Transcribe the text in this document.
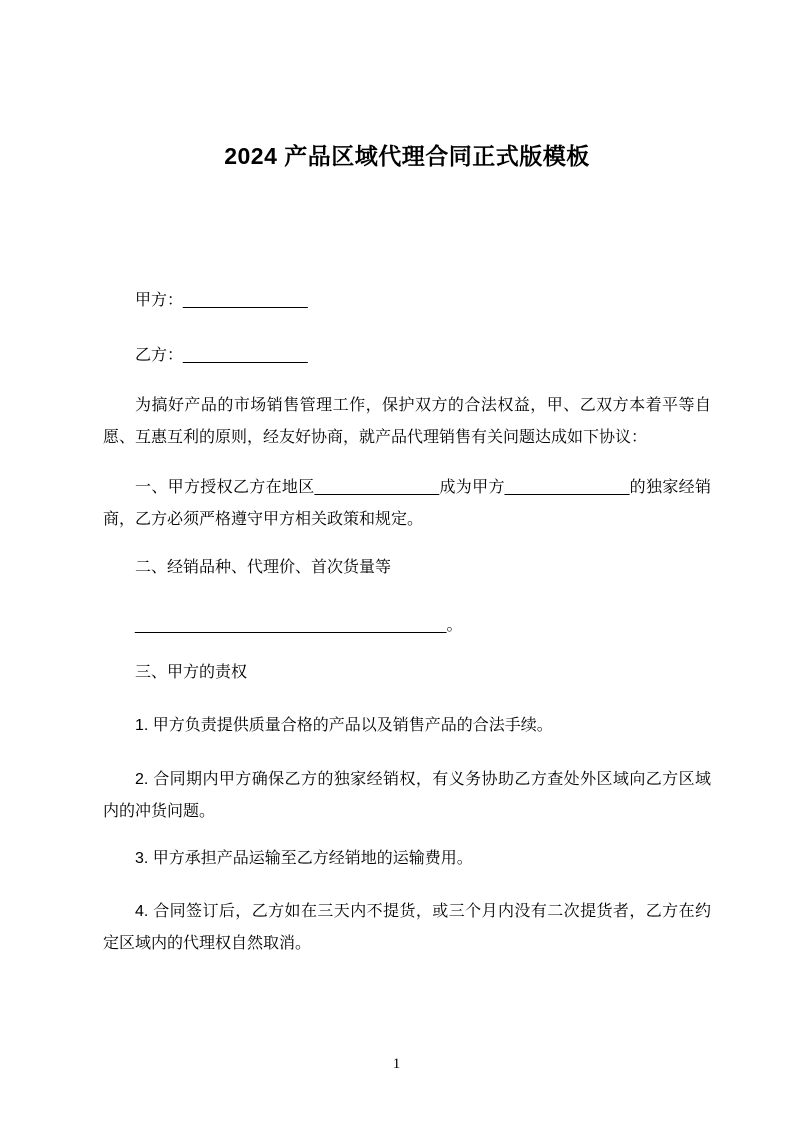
2024 产品区域代理合同正式版模板

甲方：______________

乙方：______________

为搞好产品的市场销售管理工作，保护双方的合法权益，甲、乙双方本着平等自愿、互惠互利的原则，经友好协商，就产品代理销售有关问题达成如下协议：

一、甲方授权乙方在地区______________成为甲方______________的独家经销商，乙方必须严格遵守甲方相关政策和规定。

二、经销品种、代理价、首次货量等

___________________________________。

三、甲方的责权

1. 甲方负责提供质量合格的产品以及销售产品的合法手续。

2. 合同期内甲方确保乙方的独家经销权，有义务协助乙方查处外区域向乙方区域内的冲货问题。

3. 甲方承担产品运输至乙方经销地的运输费用。

4. 合同签订后，乙方如在三天内不提货，或三个月内没有二次提货者，乙方在约定区域内的代理权自然取消。

1
